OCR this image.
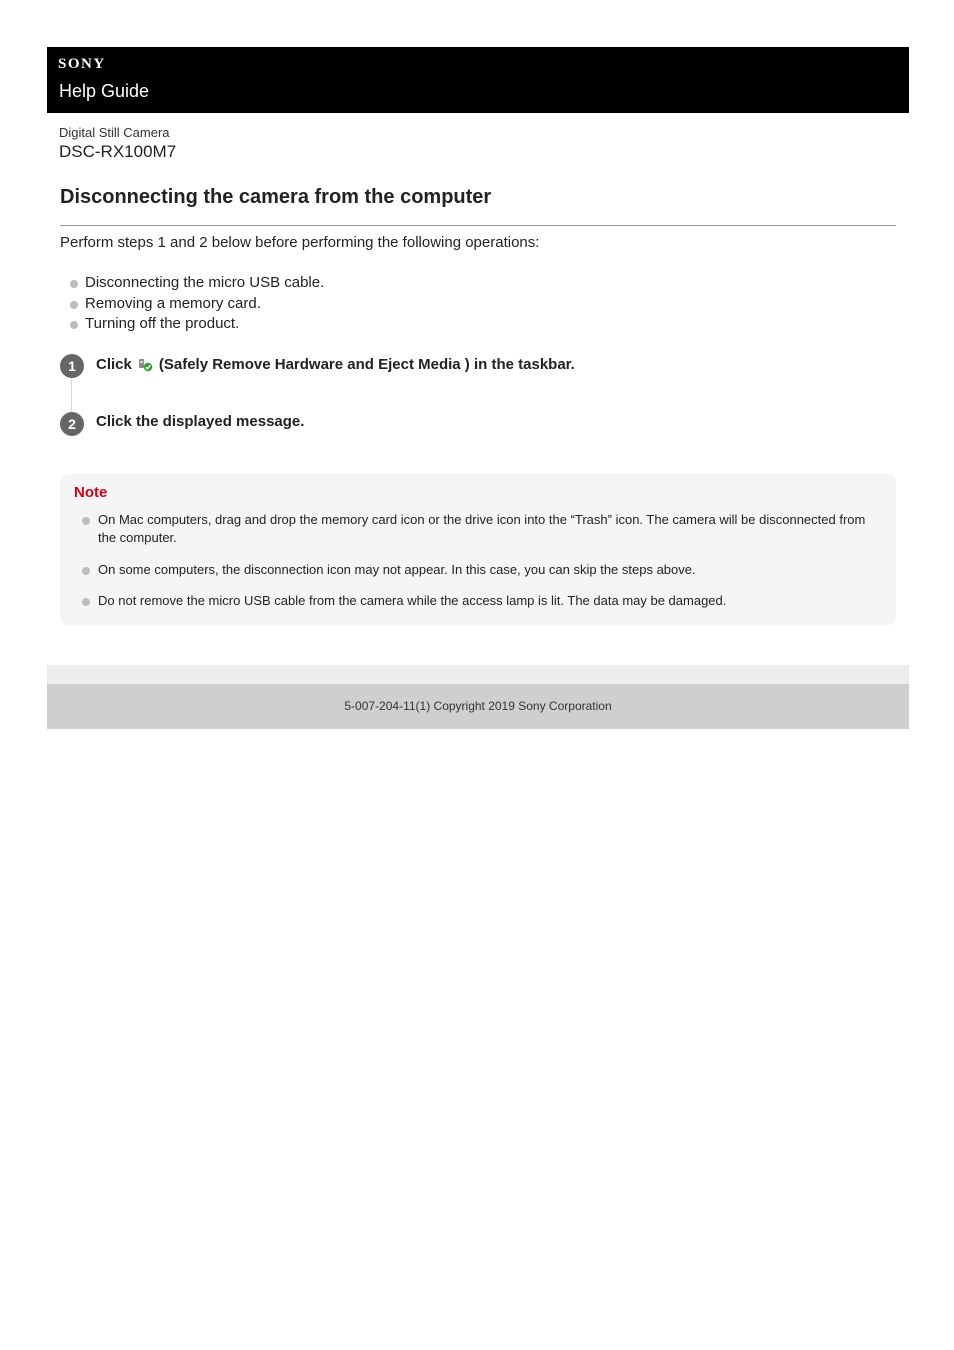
SONY
Help Guide
Digital Still Camera
DSC-RX100M7
Disconnecting the camera from the computer
Perform steps 1 and 2 below before performing the following operations:
Disconnecting the micro USB cable.
Removing a memory card.
Turning off the product.
1	Click (Safely Remove Hardware and Eject Media ) in the taskbar.
2	Click the displayed message.
Note
On Mac computers, drag and drop the memory card icon or the drive icon into the “Trash” icon. The camera will be disconnected from the computer.
On some computers, the disconnection icon may not appear. In this case, you can skip the steps above.
Do not remove the micro USB cable from the camera while the access lamp is lit. The data may be damaged.
5-007-204-11(1) Copyright 2019 Sony Corporation
